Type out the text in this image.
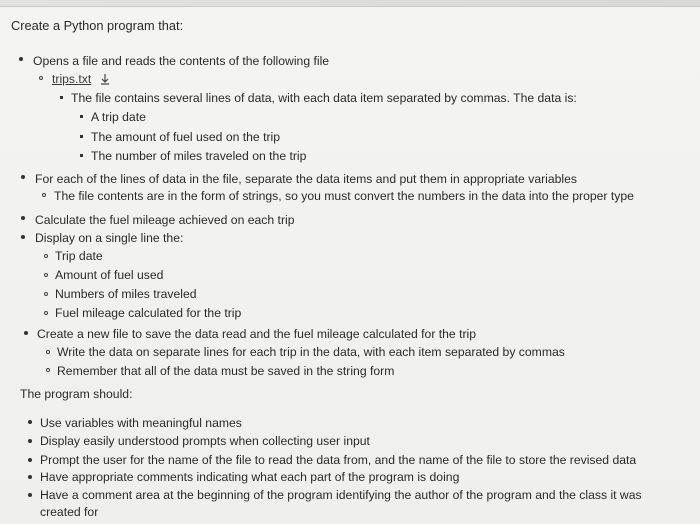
Create a Python program that:
Opens a file and reads the contents of the following file
trips.txt
The file contains several lines of data, with each data item separated by commas. The data is:
A trip date
The amount of fuel used on the trip
The number of miles traveled on the trip
For each of the lines of data in the file, separate the data items and put them in appropriate variables
The file contents are in the form of strings, so you must convert the numbers in the data into the proper type
Calculate the fuel mileage achieved on each trip
Display on a single line the:
Trip date
Amount of fuel used
Numbers of miles traveled
Fuel mileage calculated for the trip
Create a new file to save the data read and the fuel mileage calculated for the trip
Write the data on separate lines for each trip in the data, with each item separated by commas
Remember that all of the data must be saved in the string form
The program should:
Use variables with meaningful names
Display easily understood prompts when collecting user input
Prompt the user for the name of the file to read the data from, and the name of the file to store the revised data
Have appropriate comments indicating what each part of the program is doing
Have a comment area at the beginning of the program identifying the author of the program and the class it was
created for
